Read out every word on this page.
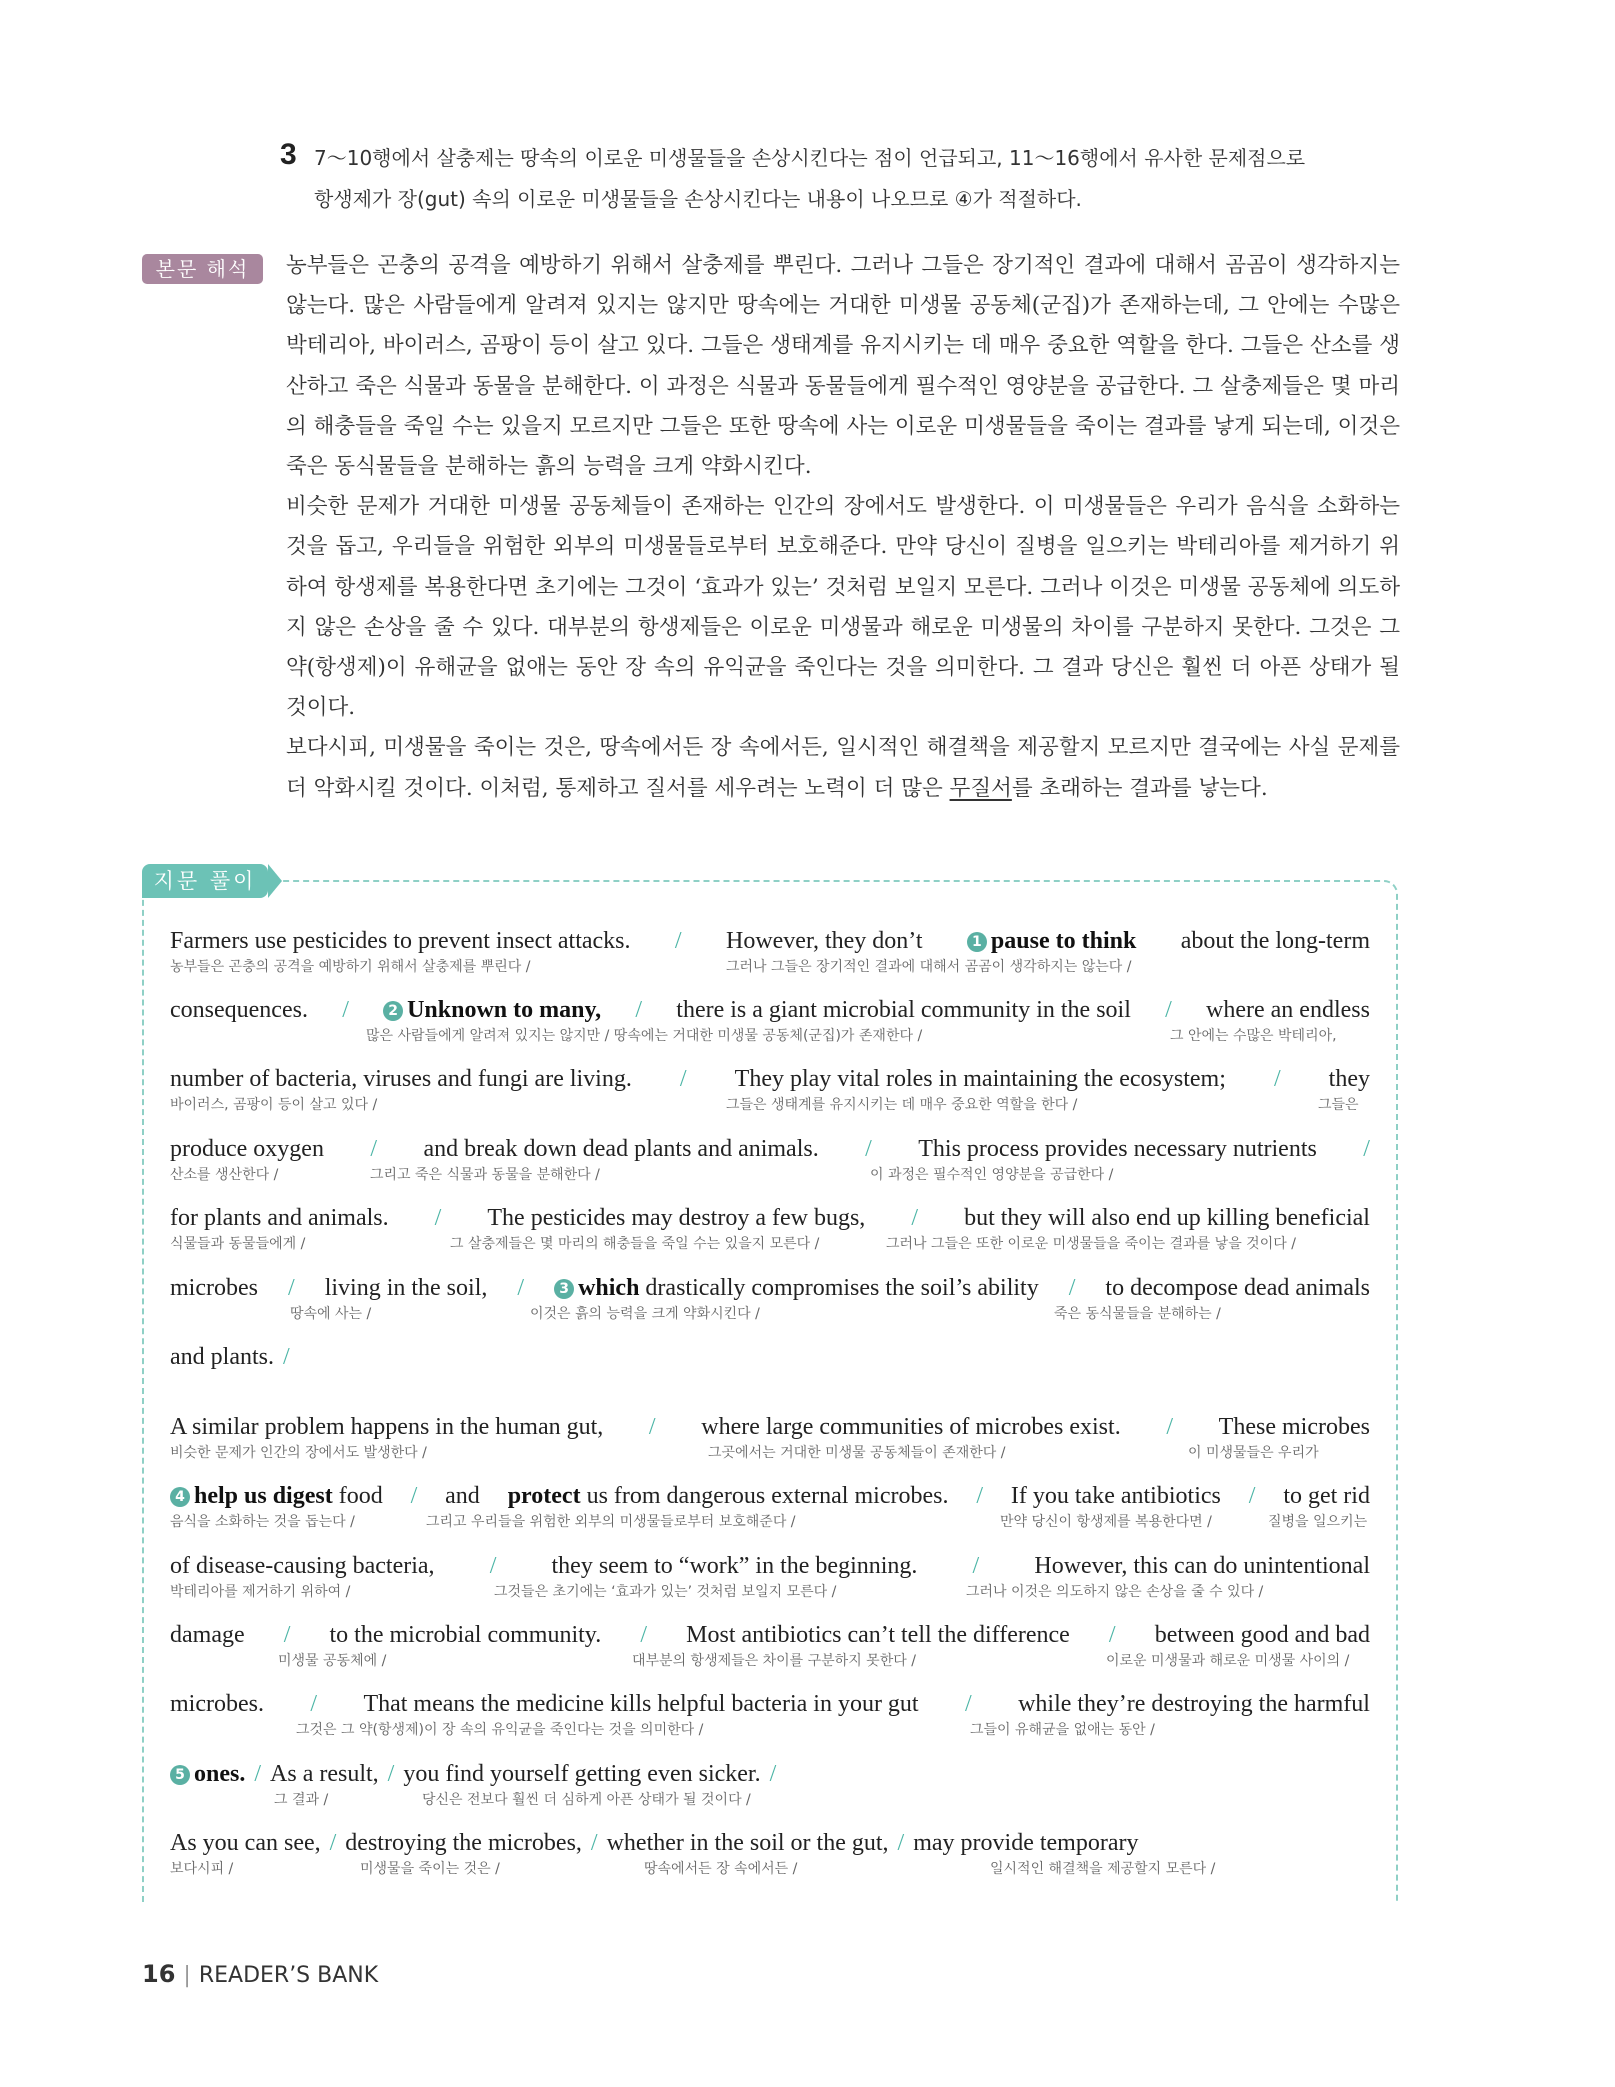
3 7～10행에서 살충제는 땅속의 이로운 미생물들을 손상시킨다는 점이 언급되고, 11～16행에서 유사한 문제점으로
항생제가 장(gut) 속의 이로운 미생물들을 손상시킨다는 내용이 나오므로 ④가 적절하다.
본문 해석	농부들은 곤충의 공격을 예방하기 위해서 살충제를 뿌린다. 그러나 그들은 장기적인 결과에 대해서 곰곰이 생각하지는 않는다. 많은 사람들에게 알려져 있지는 않지만 땅속에는 거대한 미생물 공동체(군집)가 존재하는데, 그 안에는 수많은 박테리아, 바이러스, 곰팡이 등이 살고 있다. 그들은 생태계를 유지시키는 데 매우 중요한 역할을 한다. 그들은 산소를 생산하고 죽은 식물과 동물을 분해한다. 이 과정은 식물과 동물들에게 필수적인 영양분을 공급한다. 그 살충제들은 몇 마리의 해충들을 죽일 수는 있을지 모르지만 그들은 또한 땅속에 사는 이로운 미생물들을 죽이는 결과를 낳게 되는데, 이것은 죽은 동식물들을 분해하는 흙의 능력을 크게 약화시킨다.

비슷한 문제가 거대한 미생물 공동체들이 존재하는 인간의 장에서도 발생한다. 이 미생물들은 우리가 음식을 소화하는 것을 돕고, 우리들을 위험한 외부의 미생물들로부터 보호해준다. 만약 당신이 질병을 일으키는 박테리아를 제거하기 위하여 항생제를 복용한다면 초기에는 그것이 ‘효과가 있는’ 것처럼 보일지 모른다. 그러나 이것은 미생물 공동체에 의도하지 않은 손상을 줄 수 있다. 대부분의 항생제들은 이로운 미생물과 해로운 미생물의 차이를 구분하지 못한다. 그것은 그 약(항생제)이 유해균을 없애는 동안 장 속의 유익균을 죽인다는 것을 의미한다. 그 결과 당신은 훨씬 더 아픈 상태가 될 것이다.

보다시피, 미생물을 죽이는 것은, 땅속에서든 장 속에서든, 일시적인 해결책을 제공할지 모르지만 결국에는 사실 문제를 더 악화시킬 것이다. 이처럼, 통제하고 질서를 세우려는 노력이 더 많은 무질서를 초래하는 결과를 낳는다.

지문 풀이
Farmers use pesticides to prevent insect attacks. / However, they don’t	1 pause to think about the long-term
농부들은 곤충의 공격을 예방하기 위해서 살충제를 뿌린다 /	그러나 그들은 장기적인 결과에 대해서 곰곰이 생각하지는 않는다 /
consequences. /	2 Unknown to many, / there is a giant microbial community in the soil / where an endless
많은 사람들에게 알려져 있지는 않지만 / 땅속에는 거대한 미생물 공동체(군집)가 존재한다 /	그 안에는 수많은 박테리아,
number of bacteria, viruses and fungi are living. / They play vital roles in maintaining the ecosystem; / they
바이러스, 곰팡이 등이 살고 있다 /	그들은 생태계를 유지시키는 데 매우 중요한 역할을 한다 /	그들은
produce oxygen / and break down dead plants and animals. / This process provides necessary nutrients /
산소를 생산한다 /	그리고 죽은 식물과 동물을 분해한다 /	이 과정은 필수적인 영양분을 공급한다 /
for plants and animals. / The pesticides may destroy a few bugs, / but they will also end up killing beneficial
식물들과 동물들에게 /	그 살충제들은 몇 마리의 해충들을 죽일 수는 있을지 모른다 /	그러나 그들은 또한 이로운 미생물들을 죽이는 결과를 낳을 것이다 /
microbes / living in the soil, /	3 which drastically compromises the soil’s ability / to decompose dead animals
땅속에 사는 /	이것은 흙의 능력을 크게 약화시킨다 /	죽은 동식물들을 분해하는 /
and plants. /
A similar problem happens in the human gut, / where large communities of microbes exist. / These microbes
비슷한 문제가 인간의 장에서도 발생한다 /	그곳에서는 거대한 미생물 공동체들이 존재한다 /	이 미생물들은 우리가
4 help us digest food / and protect us from dangerous external microbes. / If you take antibiotics / to get rid
음식을 소화하는 것을 돕는다 /	그리고 우리들을 위험한 외부의 미생물들로부터 보호해준다 /	만약 당신이 항생제를 복용한다면 /	질병을 일으키는
of disease-causing bacteria, / they seem to “work” in the beginning. / However, this can do unintentional
박테리아를 제거하기 위하여 /	그것들은 초기에는 ‘효과가 있는’ 것처럼 보일지 모른다 /	그러나 이것은 의도하지 않은 손상을 줄 수 있다 /
damage / to the microbial community. / Most antibiotics can’t tell the difference / between good and bad
미생물 공동체에 /	대부분의 항생제들은 차이를 구분하지 못한다 /	이로운 미생물과 해로운 미생물 사이의 /
microbes. / That means the medicine kills helpful bacteria in your gut / while they’re destroying the harmful
그것은 그 약(항생제)이 장 속의 유익균을 죽인다는 것을 의미한다 /	그들이 유해균을 없애는 동안 /
5 ones. / As a result, / you find yourself getting even sicker. /
그 결과 /	당신은 전보다 훨씬 더 심하게 아픈 상태가 될 것이다 /
As you can see, / destroying the microbes, / whether in the soil or the gut, / may provide temporary
보다시피 /	미생물을 죽이는 것은 /	땅속에서든 장 속에서든 /	일시적인 해결책을 제공할지 모른다 /
16 | READER’S BANK
